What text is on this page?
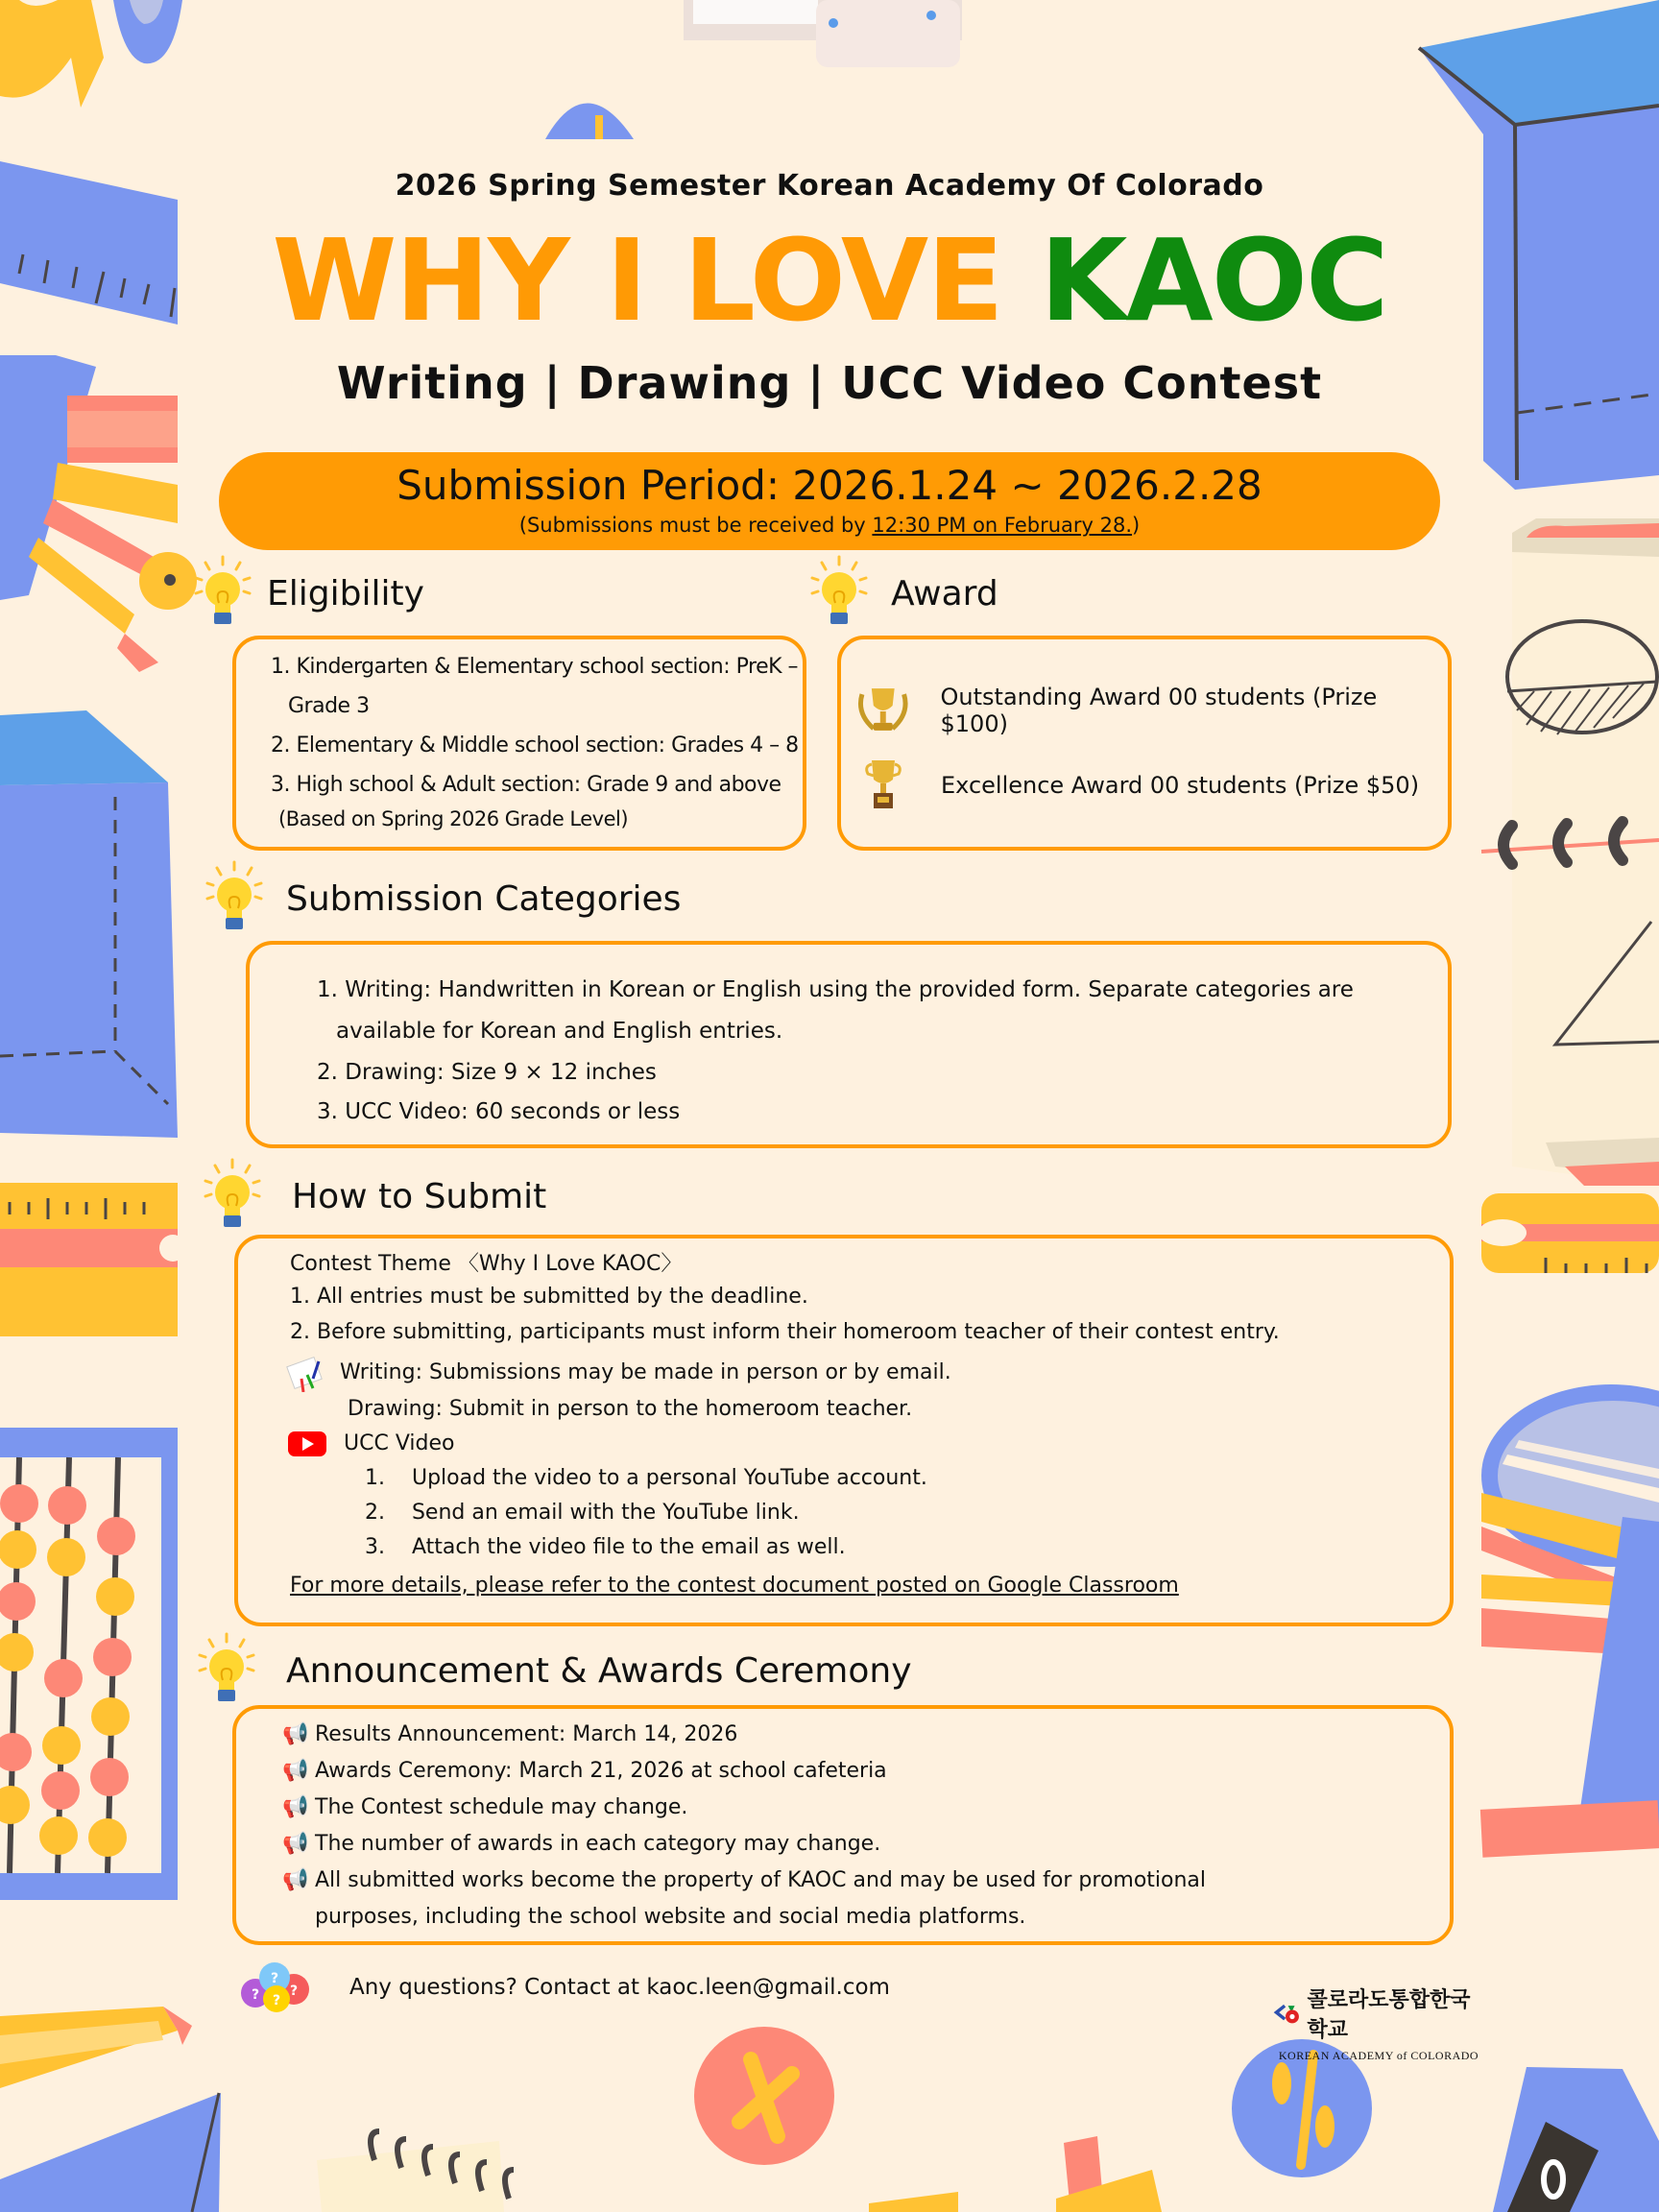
2026 Spring Semester Korean Academy Of Colorado
WHY I LOVE KAOC
Writing | Drawing | UCC Video Contest
Submission Period: 2026.1.24 ~ 2026.2.28
(Submissions must be received by 12:30 PM on February 28.)
Eligibility
1. Kindergarten & Elementary school section: PreK –
Grade 3
2. Elementary & Middle school section: Grades 4 – 8
3. High school & Adult section: Grade 9 and above
(Based on Spring 2026 Grade Level)
Award
Outstanding Award 00 students (Prize $100)
Excellence Award 00 students (Prize $50)
Submission Categories
1. Writing: Handwritten in Korean or English using the provided form. Separate categories are
available for Korean and English entries.
2. Drawing: Size 9 × 12 inches
3. UCC Video: 60 seconds or less
How to Submit
Contest Theme 〈Why I Love KAOC〉
1. All entries must be submitted by the deadline.
2. Before submitting, participants must inform their homeroom teacher of their contest entry.
Writing: Submissions may be made in person or by email.
Drawing: Submit in person to the homeroom teacher.
UCC Video
1.    Upload the video to a personal YouTube account.
2.    Send an email with the YouTube link.
3.    Attach the video file to the email as well.
For more details, please refer to the contest document posted on Google Classroom
Announcement & Awards Ceremony
📢 Results Announcement: March 14, 2026
📢 Awards Ceremony: March 21, 2026 at school cafeteria
📢 The Contest schedule may change.
📢 The number of awards in each category may change.
📢 All submitted works become the property of KAOC and may be used for promotional
purposes, including the school website and social media platforms.
?
?
?
?
Any questions? Contact at kaoc.leen@gmail.com
콜로라도통합한국학교
KOREAN ACADEMY of COLORADO
